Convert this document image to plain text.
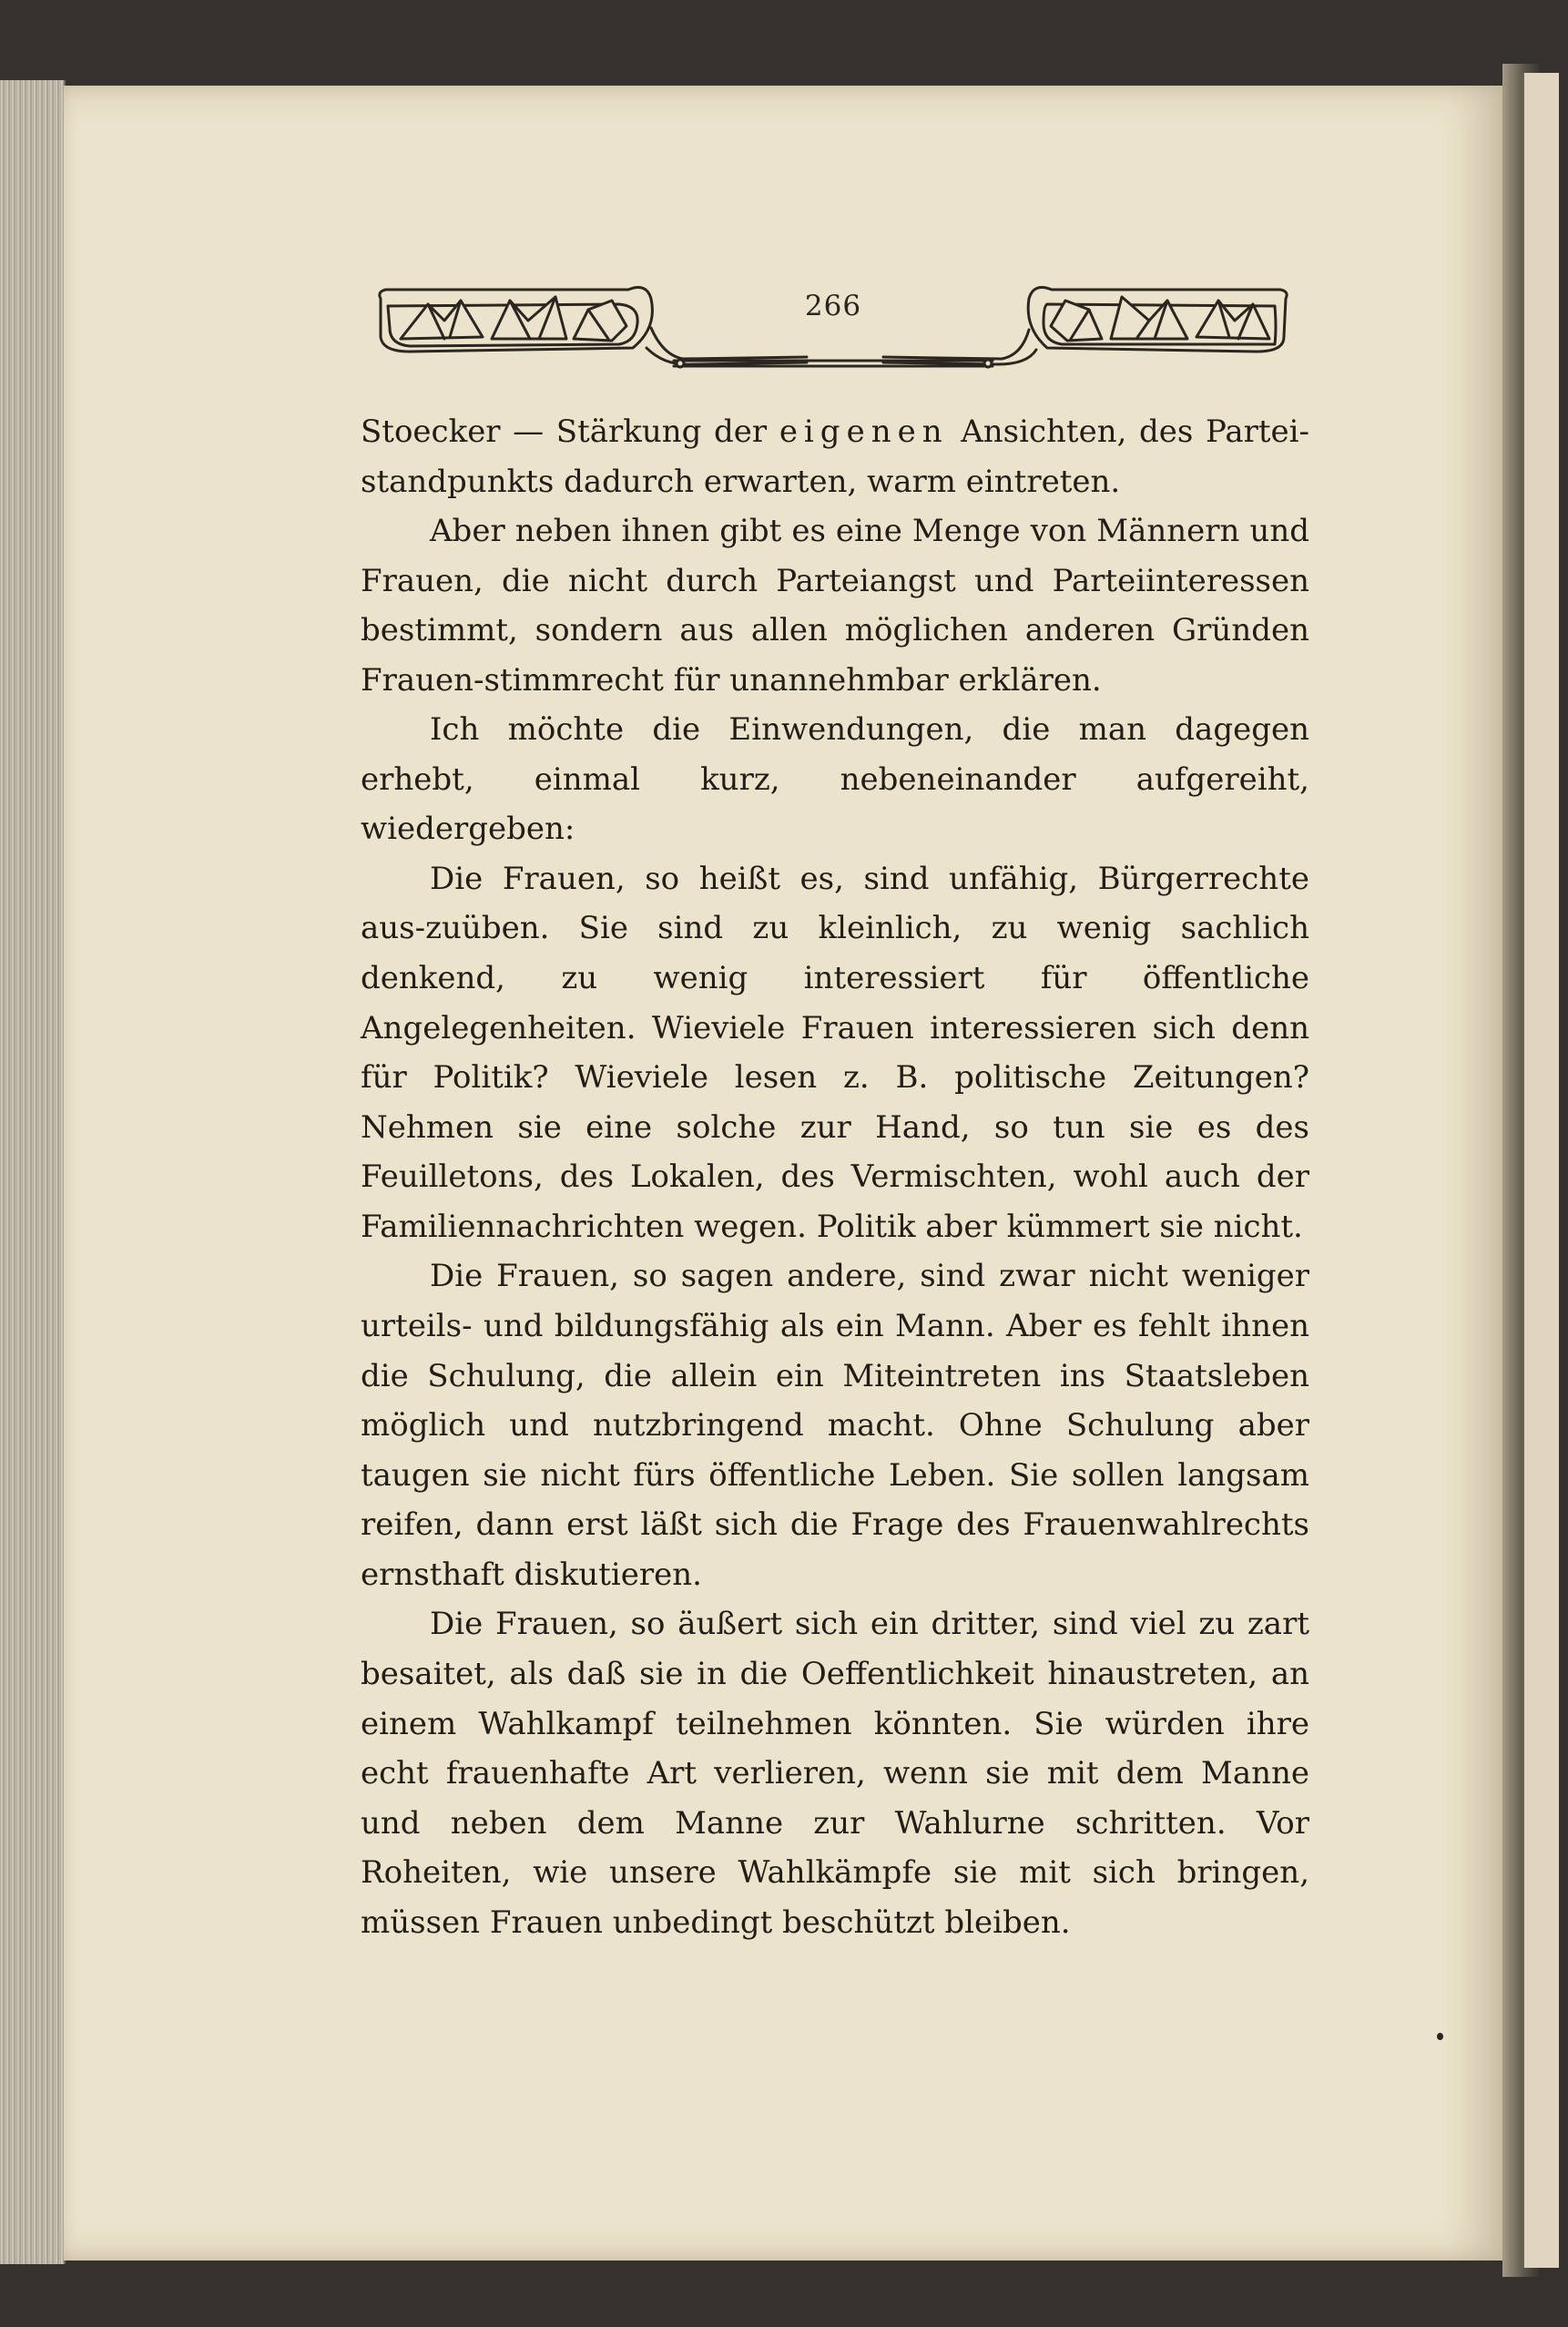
266

Stoecker — Stärkung der eigenen Ansichten, des Partei-standpunkts dadurch erwarten, warm eintreten.

Aber neben ihnen gibt es eine Menge von Männern und Frauen, die nicht durch Parteiangst und Parteiinteressen bestimmt, sondern aus allen möglichen anderen Gründen Frauen-stimmrecht für unannehmbar erklären.

Ich möchte die Einwendungen, die man dagegen erhebt, einmal kurz, nebeneinander aufgereiht, wiedergeben:

Die Frauen, so heißt es, sind unfähig, Bürgerrechte aus-zuüben. Sie sind zu kleinlich, zu wenig sachlich denkend, zu wenig interessiert für öffentliche Angelegenheiten. Wieviele Frauen interessieren sich denn für Politik? Wieviele lesen z. B. politische Zeitungen? Nehmen sie eine solche zur Hand, so tun sie es des Feuilletons, des Lokalen, des Vermischten, wohl auch der Familiennachrichten wegen. Politik aber kümmert sie nicht.

Die Frauen, so sagen andere, sind zwar nicht weniger urteils- und bildungsfähig als ein Mann. Aber es fehlt ihnen die Schulung, die allein ein Miteintreten ins Staatsleben möglich und nutzbringend macht. Ohne Schulung aber taugen sie nicht fürs öffentliche Leben. Sie sollen langsam reifen, dann erst läßt sich die Frage des Frauenwahlrechts ernsthaft diskutieren.

Die Frauen, so äußert sich ein dritter, sind viel zu zart besaitet, als daß sie in die Oeffentlichkeit hinaustreten, an einem Wahlkampf teilnehmen könnten. Sie würden ihre echt frauenhafte Art verlieren, wenn sie mit dem Manne und neben dem Manne zur Wahlurne schritten. Vor Roheiten, wie unsere Wahlkämpfe sie mit sich bringen, müssen Frauen unbedingt beschützt bleiben.
